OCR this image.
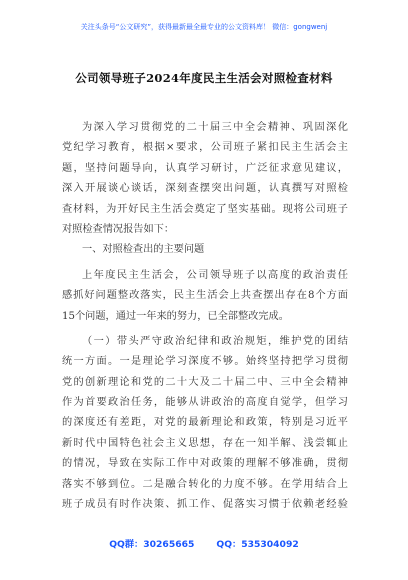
关注头条号“公文研究”，获得最新最全最专业的公文资料库！ 微信：gongwenj
公司领导班子2024年度民主生活会对照检查材料
为深入学习贯彻党的二十届三中全会精神、巩固深化
党纪学习教育，根据×要求，公司班子紧扣民主生活会主
题，坚持问题导向，认真学习研讨，广泛征求意见建议，
深入开展谈心谈话，深刻查摆突出问题，认真撰写对照检
查材料，为开好民主生活会奠定了坚实基础。现将公司班子
对照检查情况报告如下：
一、对照检查出的主要问题
上年度民主生活会，公司领导班子以高度的政治责任
感抓好问题整改落实，民主生活会上共查摆出存在8个方面
15个问题，通过一年来的努力，已全部整改完成。
（一）带头严守政治纪律和政治规矩，维护党的团结
统一方面。一是理论学习深度不够。始终坚持把学习贯彻
党的创新理论和党的二十大及二十届二中、三中全会精神
作为首要政治任务，能够从讲政治的高度自觉学，但学习
的深度还有差距，对党的最新理论和政策，特别是习近平
新时代中国特色社会主义思想，存在一知半解、浅尝辄止
的情况，导致在实际工作中对政策的理解不够准确，贯彻
落实不够到位。二是融合转化的力度不够。在学用结合上
班子成员有时作决策、抓工作、促落实习惯于依赖老经验
QQ群：30265665 QQ：535304092
